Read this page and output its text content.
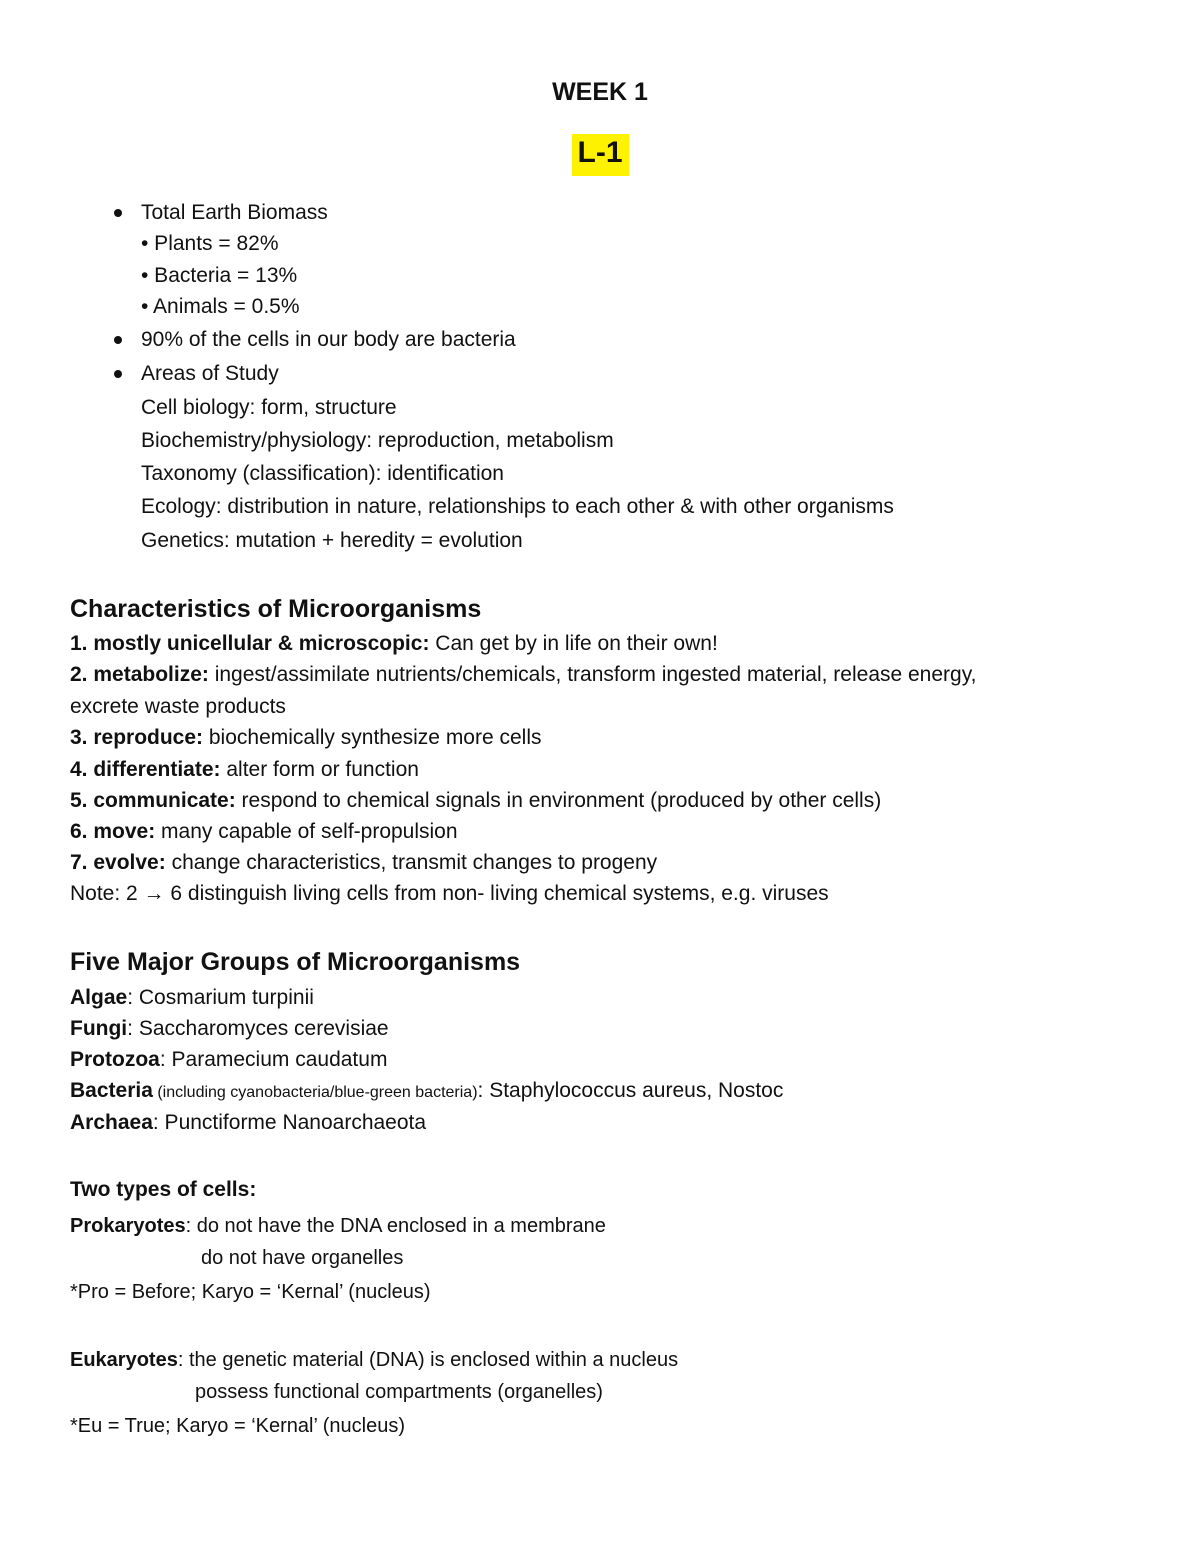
WEEK 1
L-1
Total Earth Biomass
• Plants = 82%
• Bacteria = 13%
• Animals = 0.5%
90% of the cells in our body are bacteria
Areas of Study
Cell biology: form, structure
Biochemistry/physiology: reproduction, metabolism
Taxonomy (classification): identification
Ecology: distribution in nature, relationships to each other & with other organisms
Genetics: mutation + heredity = evolution
Characteristics of Microorganisms
1. mostly unicellular & microscopic: Can get by in life on their own!
2. metabolize: ingest/assimilate nutrients/chemicals, transform ingested material, release energy,
excrete waste products
3. reproduce: biochemically synthesize more cells
4. differentiate: alter form or function
5. communicate: respond to chemical signals in environment (produced by other cells)
6. move: many capable of self-propulsion
7. evolve: change characteristics, transmit changes to progeny
Note: 2 → 6 distinguish living cells from non- living chemical systems, e.g. viruses
Five Major Groups of Microorganisms
Algae: Cosmarium turpinii
Fungi: Saccharomyces cerevisiae
Protozoa: Paramecium caudatum
Bacteria (including cyanobacteria/blue-green bacteria): Staphylococcus aureus, Nostoc
Archaea: Punctiforme Nanoarchaeota
Two types of cells:
Prokaryotes: do not have the DNA enclosed in a membrane
do not have organelles
*Pro = Before; Karyo = ‘Kernal’ (nucleus)
Eukaryotes: the genetic material (DNA) is enclosed within a nucleus
possess functional compartments (organelles)
*Eu = True; Karyo = ‘Kernal’ (nucleus)
